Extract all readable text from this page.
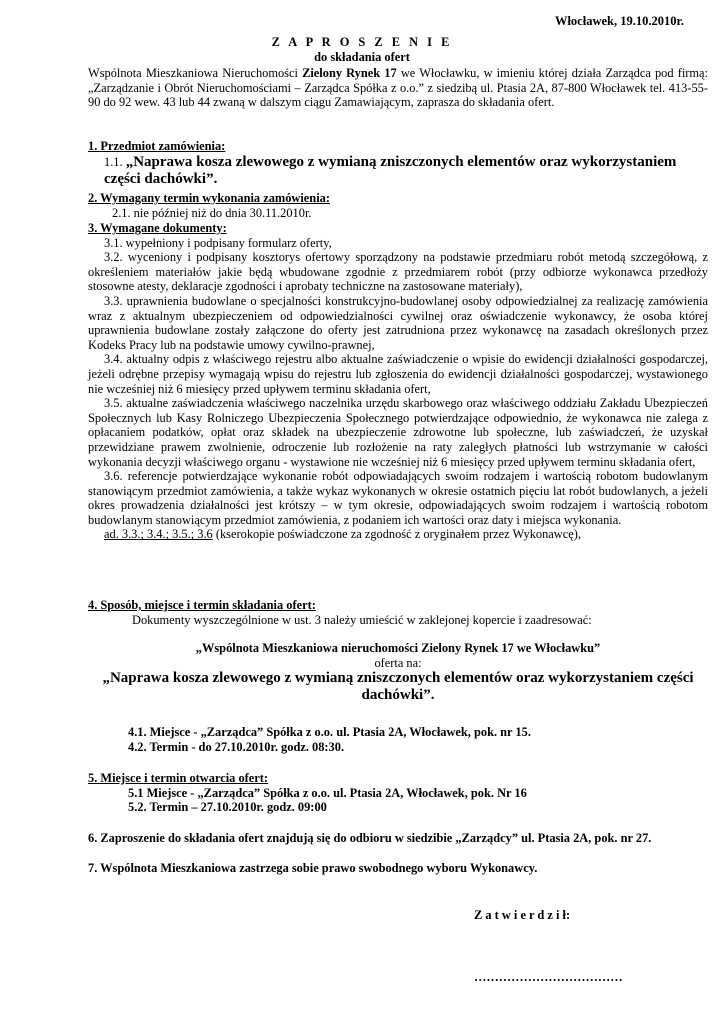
Włocławek, 19.10.2010r.
Z A P R O S Z E N I E
do składania ofert
Wspólnota Mieszkaniowa Nieruchomości Zielony Rynek 17 we Włocławku, w imieniu której działa Zarządca pod firmą: „Zarządzanie i Obrót Nieruchomościami – Zarządca Spółka z o.o.” z siedzibą ul. Ptasia 2A, 87-800 Włocławek tel. 413-55-90 do 92 wew. 43 lub 44 zwaną w dalszym ciągu Zamawiającym, zaprasza do składania ofert.
1. Przedmiot zamówienia:
1.1. „Naprawa kosza zlewowego z wymianą zniszczonych elementów oraz wykorzystaniem części dachówki”.
2. Wymagany termin wykonania zamówienia:
2.1. nie później niż do dnia 30.11.2010r.
3. Wymagane dokumenty:
3.1. wypełniony i podpisany formularz oferty,
3.2. wyceniony i podpisany kosztorys ofertowy sporządzony na podstawie przedmiaru robót metodą szczegółową, z określeniem materiałów jakie będą wbudowane zgodnie z przedmiarem robót (przy odbiorze wykonawca przedłoży stosowne atesty, deklaracje zgodności i aprobaty techniczne na zastosowane materiały),
3.3. uprawnienia budowlane o specjalności konstrukcyjno-budowlanej osoby odpowiedzialnej za realizację zamówienia wraz z aktualnym ubezpieczeniem od odpowiedzialności cywilnej oraz oświadczenie wykonawcy, że osoba której uprawnienia budowlane zostały załączone do oferty jest zatrudniona przez wykonawcę na zasadach określonych przez Kodeks Pracy lub na podstawie umowy cywilno-prawnej,
3.4. aktualny odpis z właściwego rejestru albo aktualne zaświadczenie o wpisie do ewidencji działalności gospodarczej, jeżeli odrębne przepisy wymagają wpisu do rejestru lub zgłoszenia do ewidencji działalności gospodarczej, wystawionego nie wcześniej niż 6 miesięcy przed upływem terminu składania ofert,
3.5. aktualne zaświadczenia właściwego naczelnika urzędu skarbowego oraz właściwego oddziału Zakładu Ubezpieczeń Społecznych lub Kasy Rolniczego Ubezpieczenia Społecznego potwierdzające odpowiednio, że wykonawca nie zalega z opłacaniem podatków, opłat oraz składek na ubezpieczenie zdrowotne lub społeczne, lub zaświadczeń, że uzyskał przewidziane prawem zwolnienie, odroczenie lub rozłożenie na raty zaległych płatności lub wstrzymanie w całości wykonania decyzji właściwego organu - wystawione nie wcześniej niż 6 miesięcy przed upływem terminu składania ofert,
3.6. referencje potwierdzające wykonanie robót odpowiadających swoim rodzajem i wartością robotom budowlanym stanowiącym przedmiot zamówienia, a także wykaz wykonanych w okresie ostatnich pięciu lat robót budowlanych, a jeżeli okres prowadzenia działalności jest krótszy – w tym okresie, odpowiadających swoim rodzajem i wartością robotom budowlanym stanowiącym przedmiot zamówienia, z podaniem ich wartości oraz daty i miejsca wykonania.
ad. 3.3.; 3.4.; 3.5.; 3.6 (kserokopie poświadczone za zgodność z oryginałem przez Wykonawcę),
4. Sposób, miejsce i termin składania ofert:
Dokumenty wyszczególnione w ust. 3 należy umieścić w zaklejonej kopercie i zaadresować:
„Wspólnota Mieszkaniowa nieruchomości Zielony Rynek 17 we Włocławku”
oferta na:
„Naprawa kosza zlewowego z wymianą zniszczonych elementów oraz wykorzystaniem części dachówki”.
4.1. Miejsce - „Zarządca” Spółka z o.o. ul. Ptasia 2A, Włocławek, pok. nr 15.
4.2. Termin - do 27.10.2010r. godz. 08:30.
5. Miejsce i termin otwarcia ofert:
5.1 Miejsce - „Zarządca” Spółka z o.o. ul. Ptasia 2A, Włocławek, pok. Nr 16
5.2. Termin – 27.10.2010r. godz. 09:00
6. Zaproszenie do składania ofert znajdują się do odbioru w siedzibie „Zarządcy” ul. Ptasia 2A, pok. nr 27.
7. Wspólnota Mieszkaniowa zastrzega sobie prawo swobodnego wyboru Wykonawcy.
Z a t w i e r d z i ł:
………………………………
